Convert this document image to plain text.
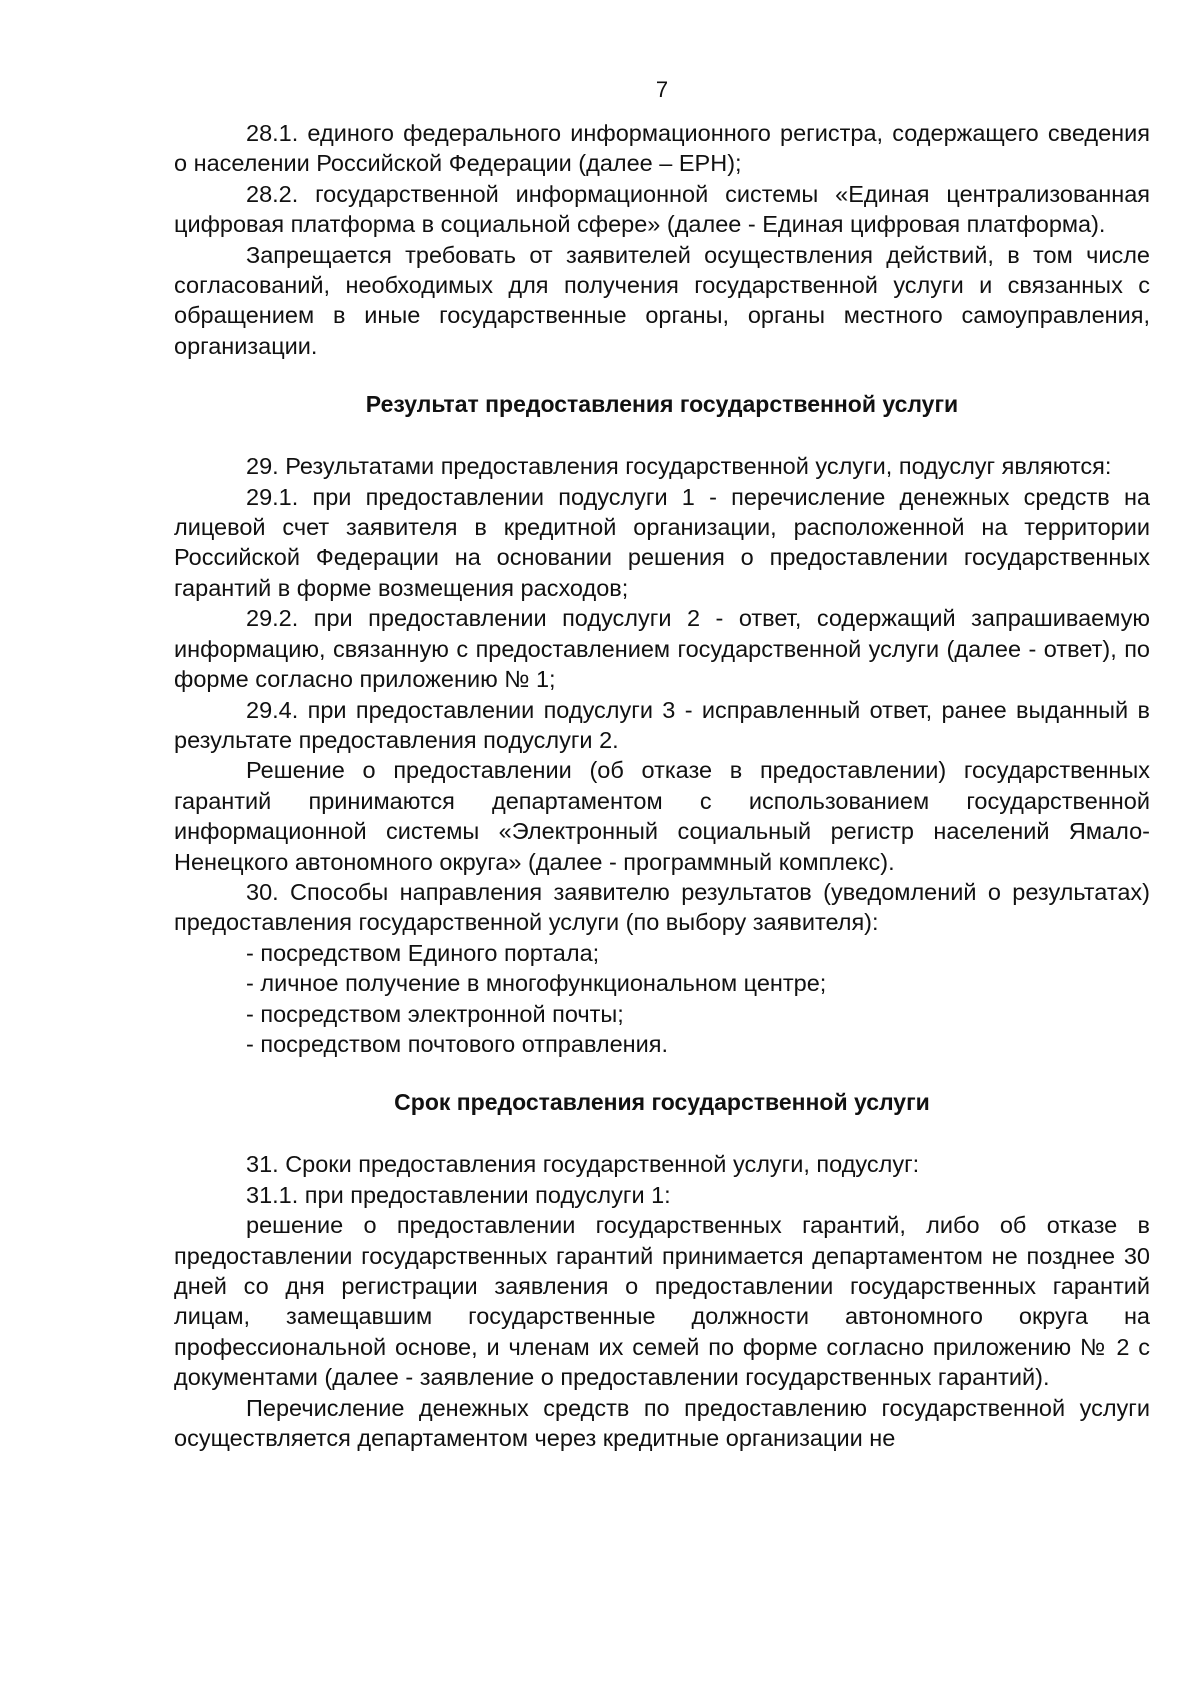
7

28.1. единого федерального информационного регистра, содержащего сведения о населении Российской Федерации (далее – ЕРН);

28.2. государственной информационной системы «Единая централизованная цифровая платформа в социальной сфере» (далее - Единая цифровая платформа).

Запрещается требовать от заявителей осуществления действий, в том числе согласований, необходимых для получения государственной услуги и связанных с обращением в иные государственные органы, органы местного самоуправления, организации.

Результат предоставления государственной услуги

29. Результатами предоставления государственной услуги, подуслуг являются:

29.1. при предоставлении подуслуги 1 - перечисление денежных средств на лицевой счет заявителя в кредитной организации, расположенной на территории Российской Федерации на основании решения о предоставлении государственных гарантий в форме возмещения расходов;

29.2. при предоставлении подуслуги 2 - ответ, содержащий запрашиваемую информацию, связанную с предоставлением государственной услуги (далее - ответ), по форме согласно приложению № 1;

29.4. при предоставлении подуслуги 3 - исправленный ответ, ранее выданный в результате предоставления подуслуги 2.

Решение о предоставлении (об отказе в предоставлении) государственных гарантий принимаются департаментом с использованием государственной информационной системы «Электронный социальный регистр населений Ямало-Ненецкого автономного округа» (далее - программный комплекс).

30. Способы направления заявителю результатов (уведомлений о результатах) предоставления государственной услуги (по выбору заявителя):

- посредством Единого портала;

- личное получение в многофункциональном центре;

- посредством электронной почты;

- посредством почтового отправления.

Срок предоставления государственной услуги

31. Сроки предоставления государственной услуги, подуслуг:

31.1. при предоставлении подуслуги 1:

решение о предоставлении государственных гарантий, либо об отказе в предоставлении государственных гарантий принимается департаментом не позднее 30 дней со дня регистрации заявления о предоставлении государственных гарантий лицам, замещавшим государственные должности автономного округа на профессиональной основе, и членам их семей по форме согласно приложению № 2 с документами (далее - заявление о предоставлении государственных гарантий).

Перечисление денежных средств по предоставлению государственной услуги осуществляется департаментом через кредитные организации не
